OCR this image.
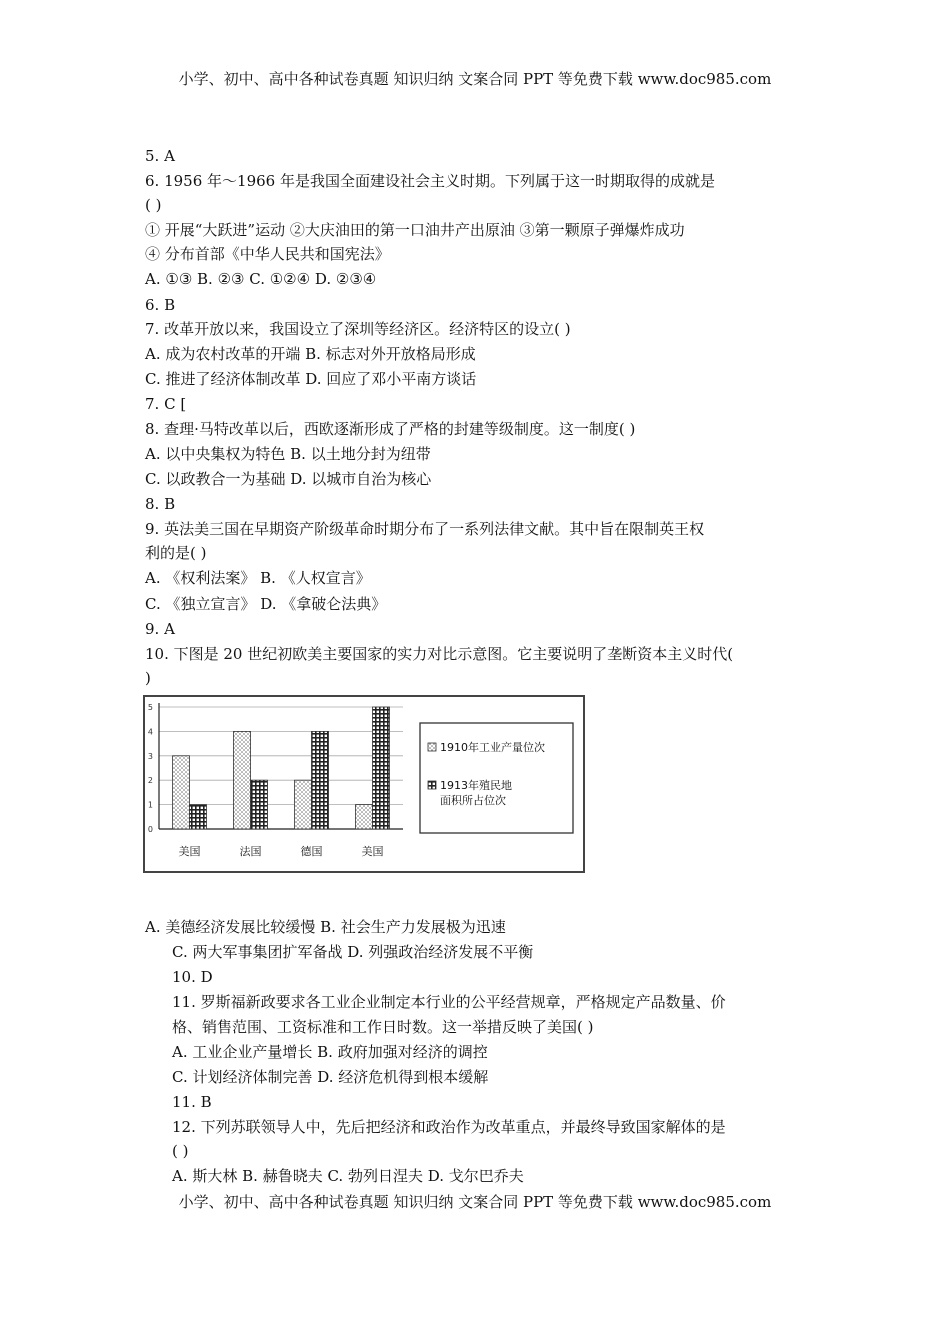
小学、初中、高中各种试卷真题 知识归纳 文案合同 PPT 等免费下载 www.doc985.com
5. A
6. 1956 年～1966 年是我国全面建设社会主义时期。下列属于这一时期取得的成就是
( )
① 开展“大跃进”运动 ②大庆油田的第一口油井产出原油 ③第一颗原子弹爆炸成功
④ 分布首部《中华人民共和国宪法》
A. ①③ B. ②③ C. ①②④ D. ②③④
6. B
7. 改革开放以来，我国设立了深圳等经济区。经济特区的设立( )
A. 成为农村改革的开端 B. 标志对外开放格局形成
C. 推进了经济体制改革 D. 回应了邓小平南方谈话
7. C [
8. 查理·马特改革以后，西欧逐渐形成了严格的封建等级制度。这一制度( )
A. 以中央集权为特色 B. 以土地分封为纽带
C. 以政教合一为基础 D. 以城市自治为核心
8. B
9. 英法美三国在早期资产阶级革命时期分布了一系列法律文献。其中旨在限制英王权
利的是( )
A. 《权利法案》 B. 《人权宣言》
C. 《独立宣言》 D. 《拿破仑法典》
9. A
10. 下图是 20 世纪初欧美主要国家的实力对比示意图。它主要说明了垄断资本主义时代(
)
0
1
2
3
4
5
美国	法国	德国	美国
1910年工业产量位次
1913年殖民地面积所占位次
A. 美德经济发展比较缓慢 B. 社会生产力发展极为迅速
C. 两大军事集团扩军备战 D. 列强政治经济发展不平衡
10. D
11. 罗斯福新政要求各工业企业制定本行业的公平经营规章，严格规定产品数量、价
格、销售范围、工资标准和工作日时数。这一举措反映了美国( )
A. 工业企业产量增长 B. 政府加强对经济的调控
C. 计划经济体制完善 D. 经济危机得到根本缓解
11. B
12. 下列苏联领导人中，先后把经济和政治作为改革重点，并最终导致国家解体的是
( )
A. 斯大林 B. 赫鲁晓夫 C. 勃列日涅夫 D. 戈尔巴乔夫
小学、初中、高中各种试卷真题 知识归纳 文案合同 PPT 等免费下载 www.doc985.com
